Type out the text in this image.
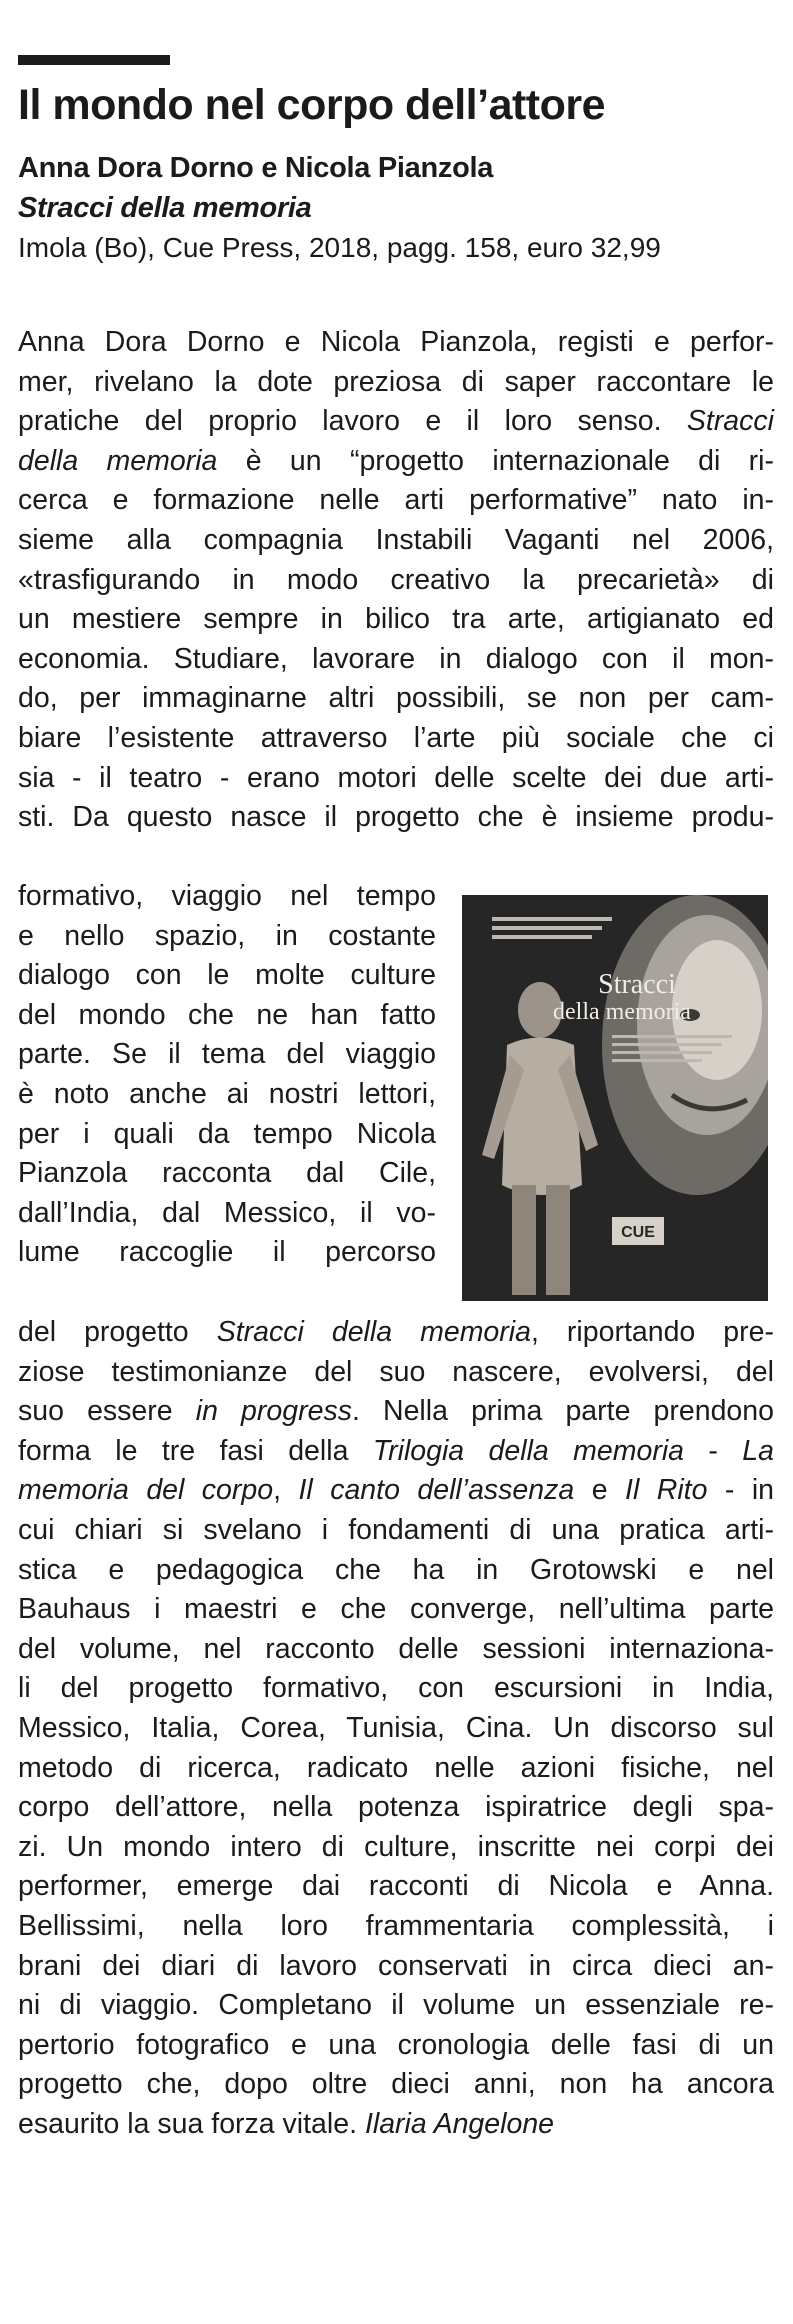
Il mondo nel corpo dell’attore
Anna Dora Dorno e Nicola Pianzola
Stracci della memoria
Imola (Bo), Cue Press, 2018, pagg. 158, euro 32,99
Anna Dora Dorno e Nicola Pianzola, registi e perfor-
mer, rivelano la dote preziosa di saper raccontare le
pratiche del proprio lavoro e il loro senso. Stracci
della memoria è un “progetto internazionale di ri-
cerca e formazione nelle arti performative” nato in-
sieme alla compagnia Instabili Vaganti nel 2006,
«trasfigurando in modo creativo la precarietà» di
un mestiere sempre in bilico tra arte, artigianato ed
economia. Studiare, lavorare in dialogo con il mon-
do, per immaginarne altri possibili, se non per cam-
biare l’esistente attraverso l’arte più sociale che ci
sia - il teatro - erano motori delle scelte dei due arti-
sti. Da questo nasce il progetto che è insieme produ-
formativo, viaggio nel tempo
e nello spazio, in costante
dialogo con le molte culture
del mondo che ne han fatto
parte. Se il tema del viaggio
è noto anche ai nostri lettori,
per i quali da tempo Nicola
Pianzola racconta dal Cile,
dall’India, dal Messico, il vo-
lume raccoglie il percorso
Stracci
della memoria
CUE
del progetto Stracci della memoria, riportando pre-
ziose testimonianze del suo nascere, evolversi, del
suo essere in progress. Nella prima parte prendono
forma le tre fasi della Trilogia della memoria - La
memoria del corpo, Il canto dell’assenza e Il Rito - in
cui chiari si svelano i fondamenti di una pratica arti-
stica e pedagogica che ha in Grotowski e nel
Bauhaus i maestri e che converge, nell’ultima parte
del volume, nel racconto delle sessioni internaziona-
li del progetto formativo, con escursioni in India,
Messico, Italia, Corea, Tunisia, Cina. Un discorso sul
metodo di ricerca, radicato nelle azioni fisiche, nel
corpo dell’attore, nella potenza ispiratrice degli spa-
zi. Un mondo intero di culture, inscritte nei corpi dei
performer, emerge dai racconti di Nicola e Anna.
Bellissimi, nella loro frammentaria complessità, i
brani dei diari di lavoro conservati in circa dieci an-
ni di viaggio. Completano il volume un essenziale re-
pertorio fotografico e una cronologia delle fasi di un
progetto che, dopo oltre dieci anni, non ha ancora
esaurito la sua forza vitale. Ilaria Angelone
